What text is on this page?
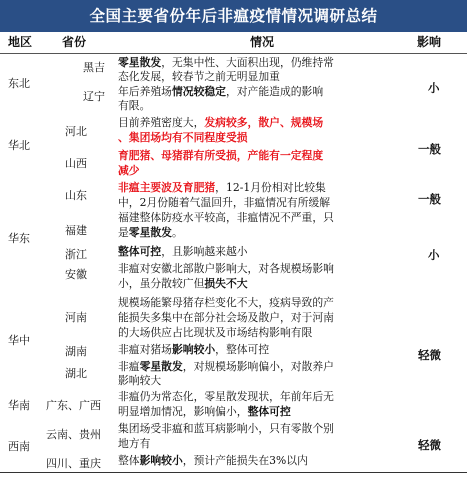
全国主要省份年后非瘟疫情情况调研总结
地区 省份	情况	影响
东北
黑吉
辽宁
小
零星散发，无集中性、大面积出现，仍维持常
态化发展，较春节之前无明显加重
年后养殖场情况较稳定，对产能造成的影响
有限。
华北
河北
山西
一般
目前养殖密度大，发病较多，散户、规模场
、集团场均有不同程度受损
育肥猪、母猪群有所受损，产能有一定程度
减少
华东
山东
福建
浙江
安徽
一般
小
非瘟主要波及育肥猪，12-1月份相对比较集
中，2月份随着气温回升，非瘟情况有所缓解
福建整体防疫水平较高，非瘟情况不严重，只
是零星散发。
整体可控，且影响越来越小
非瘟对安徽北部散户影响大，对各规模场影响
小，虽分散较广但损失不大
华中
河南
湖南
湖北
轻微
规模场能繁母猪存栏变化不大，疫病导致的产
能损失多集中在部分社会场及散户，对于河南
的大场供应占比现状及市场结构影响有限
非瘟对猪场影响较小，整体可控
非瘟零星散发，对规模场影响偏小，对散养户
影响较大
华南 广东、广西
非瘟仍为常态化，零星散发现状，年前年后无
明显增加情况，影响偏小，整体可控
西南
云南、贵州
四川、重庆
轻微
集团场受非瘟和蓝耳病影响小，只有零散个别
地方有
整体影响较小，预计产能损失在3%以内
